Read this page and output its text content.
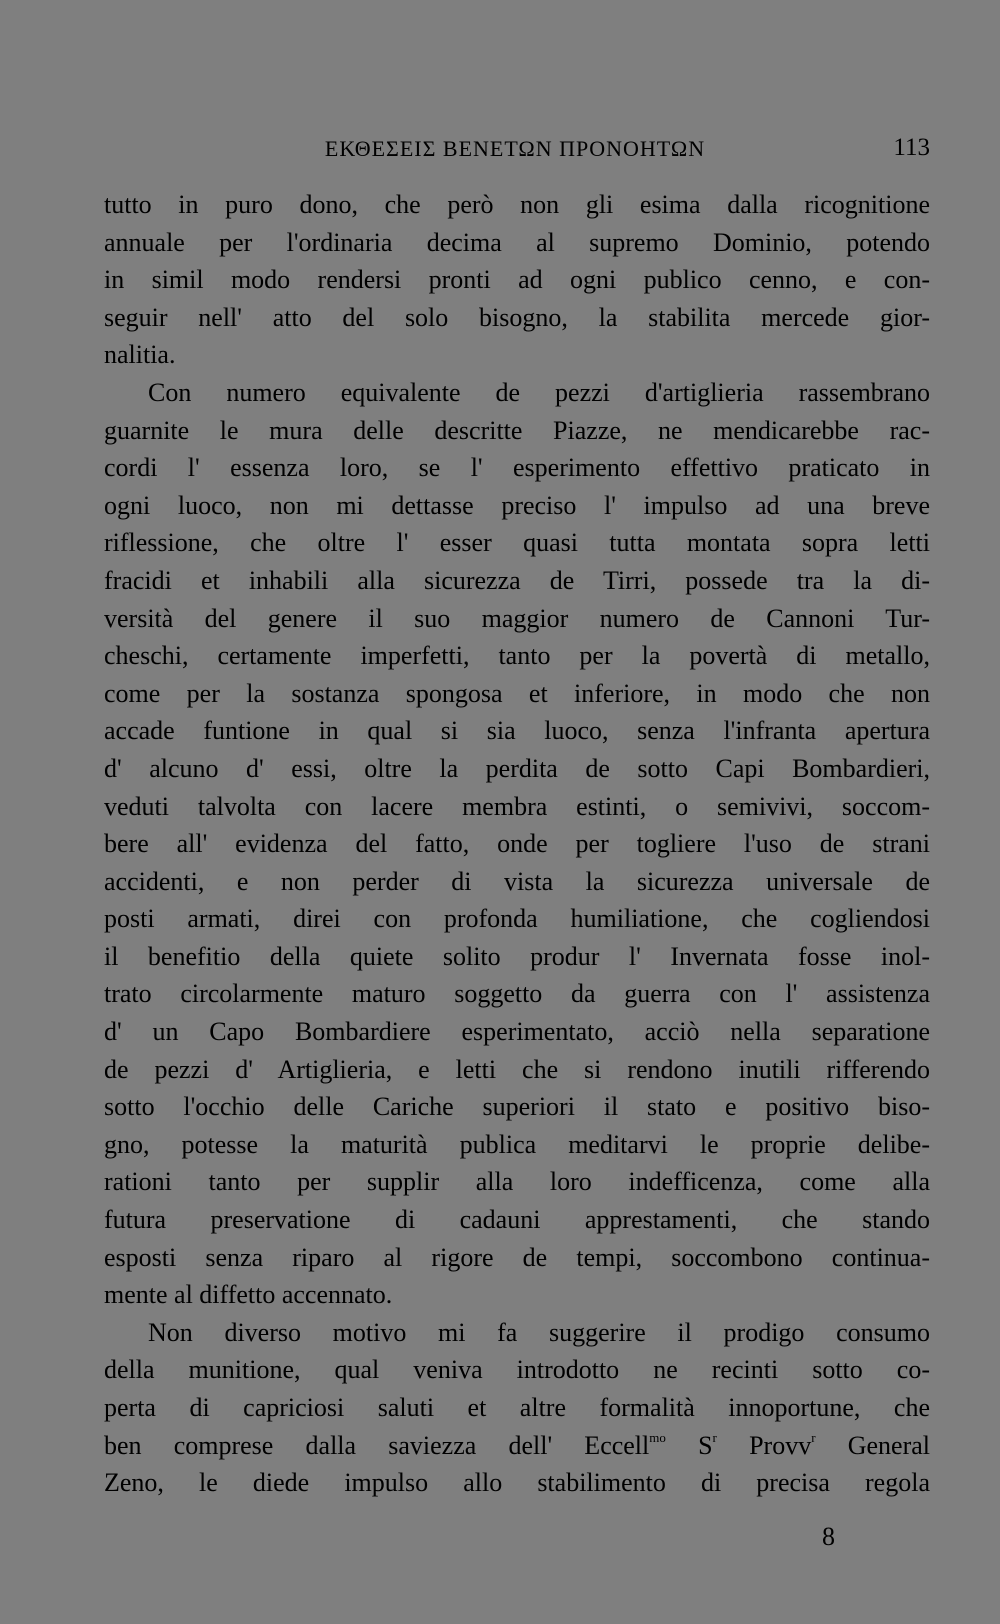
ΕΚΘΕΣΕΙΣ ΒΕΝΕΤΩΝ ΠΡΟΝΟΗΤΩΝ	113
tutto in puro dono, che però non gli esima dalla ricognitione
annuale per l'ordinaria decima al supremo Dominio, potendo
in simil modo rendersi pronti ad ogni publico cenno, e con-
seguir nell' atto del solo bisogno, la stabilita mercede gior-
nalitia.
Con numero equivalente de pezzi d'artiglieria rassembrano
guarnite le mura delle descritte Piazze, ne mendicarebbe rac-
cordi l' essenza loro, se l' esperimento effettivo praticato in
ogni luoco, non mi dettasse preciso l' impulso ad una breve
riflessione, che oltre l' esser quasi tutta montata sopra letti
fracidi et inhabili alla sicurezza de Tirri, possede tra la di-
versità del genere il suo maggior numero de Cannoni Tur-
cheschi, certamente imperfetti, tanto per la povertà di metallo,
come per la sostanza spongosa et inferiore, in modo che non
accade funtione in qual si sia luoco, senza l'infranta apertura
d' alcuno d' essi, oltre la perdita de sotto Capi Bombardieri,
veduti talvolta con lacere membra estinti, o semivivi, soccom-
bere all' evidenza del fatto, onde per togliere l'uso de strani
accidenti, e non perder di vista la sicurezza universale de
posti armati, direi con profonda humiliatione, che cogliendosi
il benefitio della quiete solito produr l' Invernata fosse inol-
trato circolarmente maturo soggetto da guerra con l' assistenza
d' un Capo Bombardiere esperimentato, acciò nella separatione
de pezzi d' Artiglieria, e letti che si rendono inutili rifferendo
sotto l'occhio delle Cariche superiori il stato e positivo biso-
gno, potesse la maturità publica meditarvi le proprie delibe-
rationi tanto per supplir alla loro indefficenza, come alla
futura preservatione di cadauni apprestamenti, che stando
esposti senza riparo al rigore de tempi, soccombono continua-
mente al diffetto accennato.
Non diverso motivo mi fa suggerire il prodigo consumo
della munitione, qual veniva introdotto ne recinti sotto co-
perta di capriciosi saluti et altre formalità innoportune, che
ben comprese dalla saviezza dell' Eccell$^{mo}$ $S^r$ Provv$^r$ General
Zeno, le diede impulso allo stabilimento di precisa regola
8
